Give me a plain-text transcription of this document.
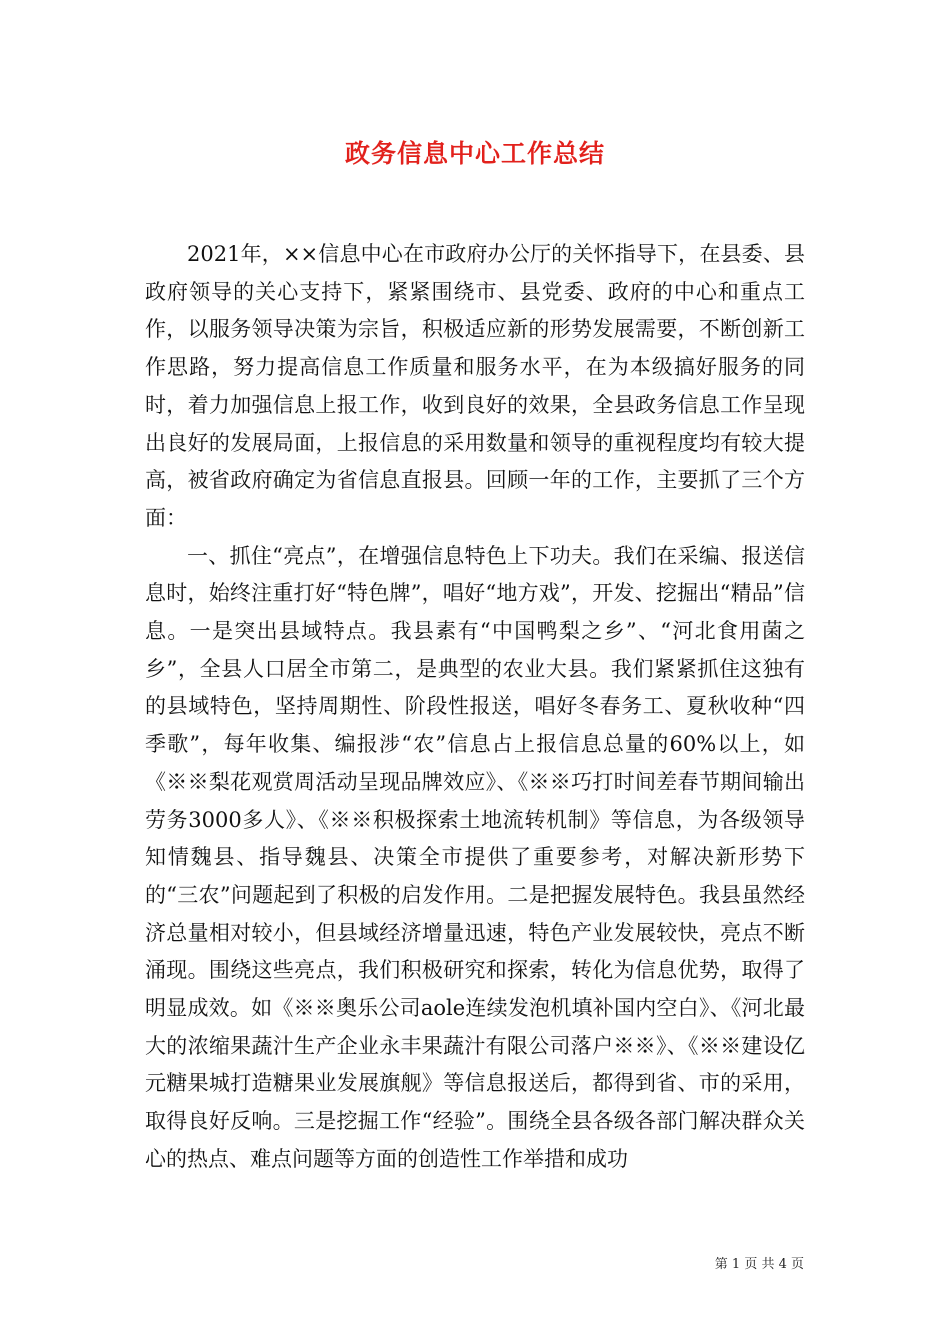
政务信息中心工作总结

2021年，××信息中心在市政府办公厅的关怀指导下，在县委、县政府领导的关心支持下，紧紧围绕市、县党委、政府的中心和重点工作，以服务领导决策为宗旨，积极适应新的形势发展需要，不断创新工作思路，努力提高信息工作质量和服务水平，在为本级搞好服务的同时，着力加强信息上报工作，收到良好的效果，全县政务信息工作呈现出良好的发展局面，上报信息的采用数量和领导的重视程度均有较大提高，被省政府确定为省信息直报县。回顾一年的工作，主要抓了三个方面：

一、抓住“亮点”，在增强信息特色上下功夫。我们在采编、报送信息时，始终注重打好“特色牌”，唱好“地方戏”，开发、挖掘出“精品”信息。一是突出县域特点。我县素有“中国鸭梨之乡”、“河北食用菌之乡”，全县人口居全市第二，是典型的农业大县。我们紧紧抓住这独有的县域特色，坚持周期性、阶段性报送，唱好冬春务工、夏秋收种“四季歌”，每年收集、编报涉“农”信息占上报信息总量的60%以上，如《※※梨花观赏周活动呈现品牌效应》、《※※巧打时间差春节期间输出劳务3000多人》、《※※积极探索土地流转机制》等信息，为各级领导知情魏县、指导魏县、决策全市提供了重要参考，对解决新形势下的“三农”问题起到了积极的启发作用。二是把握发展特色。我县虽然经济总量相对较小，但县域经济增量迅速，特色产业发展较快，亮点不断涌现。围绕这些亮点，我们积极研究和探索，转化为信息优势，取得了明显成效。如《※※奥乐公司aole连续发泡机填补国内空白》、《河北最大的浓缩果蔬汁生产企业永丰果蔬汁有限公司落户※※》、《※※建设亿元糖果城打造糖果业发展旗舰》等信息报送后，都得到省、市的采用，取得良好反响。三是挖掘工作“经验”。围绕全县各级各部门解决群众关心的热点、难点问题等方面的创造性工作举措和成功

第 1 页 共 4 页
